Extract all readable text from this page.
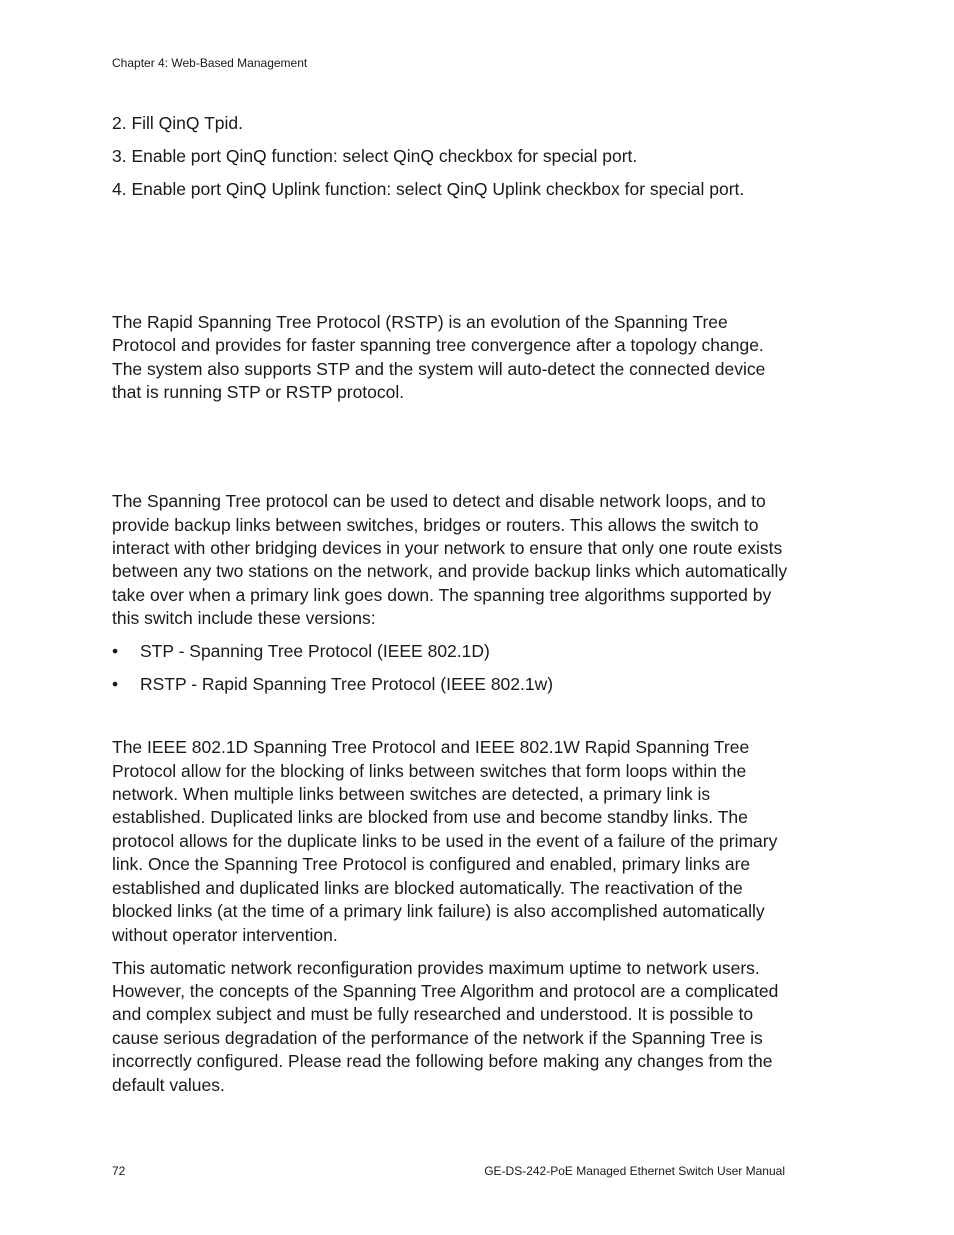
Chapter 4: Web-Based Management

2. Fill QinQ Tpid.

3. Enable port QinQ function: select QinQ checkbox for special port.

4. Enable port QinQ Uplink function: select QinQ Uplink checkbox for special port.

The Rapid Spanning Tree Protocol (RSTP) is an evolution of the Spanning Tree Protocol and provides for faster spanning tree convergence after a topology change. The system also supports STP and the system will auto-detect the connected device that is running STP or RSTP protocol.

The Spanning Tree protocol can be used to detect and disable network loops, and to provide backup links between switches, bridges or routers. This allows the switch to interact with other bridging devices in your network to ensure that only one route exists between any two stations on the network, and provide backup links which automatically take over when a primary link goes down. The spanning tree algorithms supported by this switch include these versions:

• STP - Spanning Tree Protocol (IEEE 802.1D)
• RSTP - Rapid Spanning Tree Protocol (IEEE 802.1w)

The IEEE 802.1D Spanning Tree Protocol and IEEE 802.1W Rapid Spanning Tree Protocol allow for the blocking of links between switches that form loops within the network. When multiple links between switches are detected, a primary link is established. Duplicated links are blocked from use and become standby links. The protocol allows for the duplicate links to be used in the event of a failure of the primary link. Once the Spanning Tree Protocol is configured and enabled, primary links are established and duplicated links are blocked automatically. The reactivation of the blocked links (at the time of a primary link failure) is also accomplished automatically without operator intervention.

This automatic network reconfiguration provides maximum uptime to network users. However, the concepts of the Spanning Tree Algorithm and protocol are a complicated and complex subject and must be fully researched and understood. It is possible to cause serious degradation of the performance of the network if the Spanning Tree is incorrectly configured. Please read the following before making any changes from the default values.

72	GE-DS-242-PoE Managed Ethernet Switch User Manual
